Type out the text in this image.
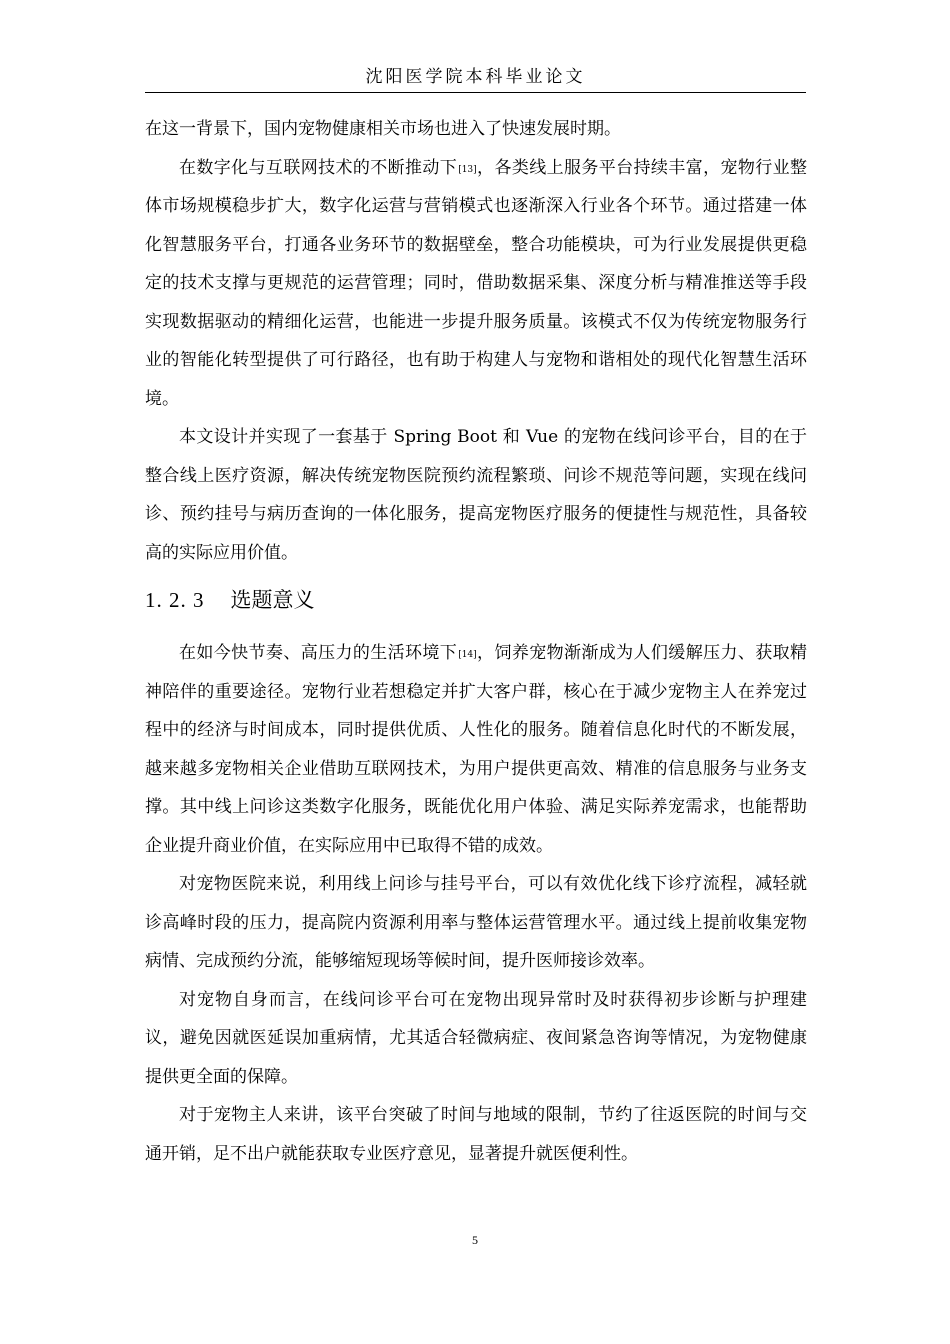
沈阳医学院本科毕业论文

在这一背景下，国内宠物健康相关市场也进入了快速发展时期。

在数字化与互联网技术的不断推动下[13]，各类线上服务平台持续丰富，宠物行业整体市场规模稳步扩大，数字化运营与营销模式也逐渐深入行业各个环节。通过搭建一体化智慧服务平台，打通各业务环节的数据壁垒，整合功能模块，可为行业发展提供更稳定的技术支撑与更规范的运营管理；同时，借助数据采集、深度分析与精准推送等手段实现数据驱动的精细化运营，也能进一步提升服务质量。该模式不仅为传统宠物服务行业的智能化转型提供了可行路径，也有助于构建人与宠物和谐相处的现代化智慧生活环境。

本文设计并实现了一套基于 Spring Boot 和 Vue 的宠物在线问诊平台，目的在于整合线上医疗资源，解决传统宠物医院预约流程繁琐、问诊不规范等问题，实现在线问诊、预约挂号与病历查询的一体化服务，提高宠物医疗服务的便捷性与规范性，具备较高的实际应用价值。

1. 2. 3 选题意义

在如今快节奏、高压力的生活环境下[14]，饲养宠物渐渐成为人们缓解压力、获取精神陪伴的重要途径。宠物行业若想稳定并扩大客户群，核心在于减少宠物主人在养宠过程中的经济与时间成本，同时提供优质、人性化的服务。随着信息化时代的不断发展，越来越多宠物相关企业借助互联网技术，为用户提供更高效、精准的信息服务与业务支撑。其中线上问诊这类数字化服务，既能优化用户体验、满足实际养宠需求，也能帮助企业提升商业价值，在实际应用中已取得不错的成效。

对宠物医院来说，利用线上问诊与挂号平台，可以有效优化线下诊疗流程，减轻就诊高峰时段的压力，提高院内资源利用率与整体运营管理水平。通过线上提前收集宠物病情、完成预约分流，能够缩短现场等候时间，提升医师接诊效率。

对宠物自身而言，在线问诊平台可在宠物出现异常时及时获得初步诊断与护理建议，避免因就医延误加重病情，尤其适合轻微病症、夜间紧急咨询等情况，为宠物健康提供更全面的保障。

对于宠物主人来讲，该平台突破了时间与地域的限制，节约了往返医院的时间与交通开销，足不出户就能获取专业医疗意见，显著提升就医便利性。

5
